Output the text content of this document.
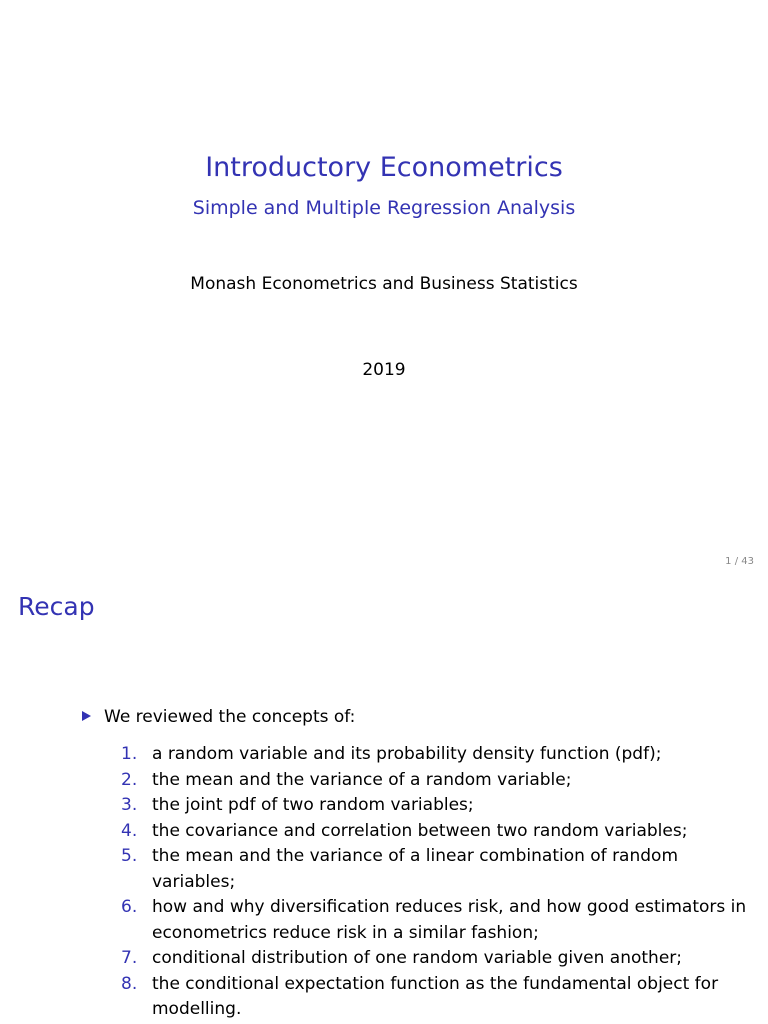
Introductory Econometrics
Simple and Multiple Regression Analysis
Monash Econometrics and Business Statistics
2019
1 / 43
Recap
We reviewed the concepts of:
1. a random variable and its probability density function (pdf);
2. the mean and the variance of a random variable;
3. the joint pdf of two random variables;
4. the covariance and correlation between two random variables;
5. the mean and the variance of a linear combination of random variables;
6. how and why diversification reduces risk, and how good estimators in econometrics reduce risk in a similar fashion;
7. conditional distribution of one random variable given another;
8. the conditional expectation function as the fundamental object for modelling.
